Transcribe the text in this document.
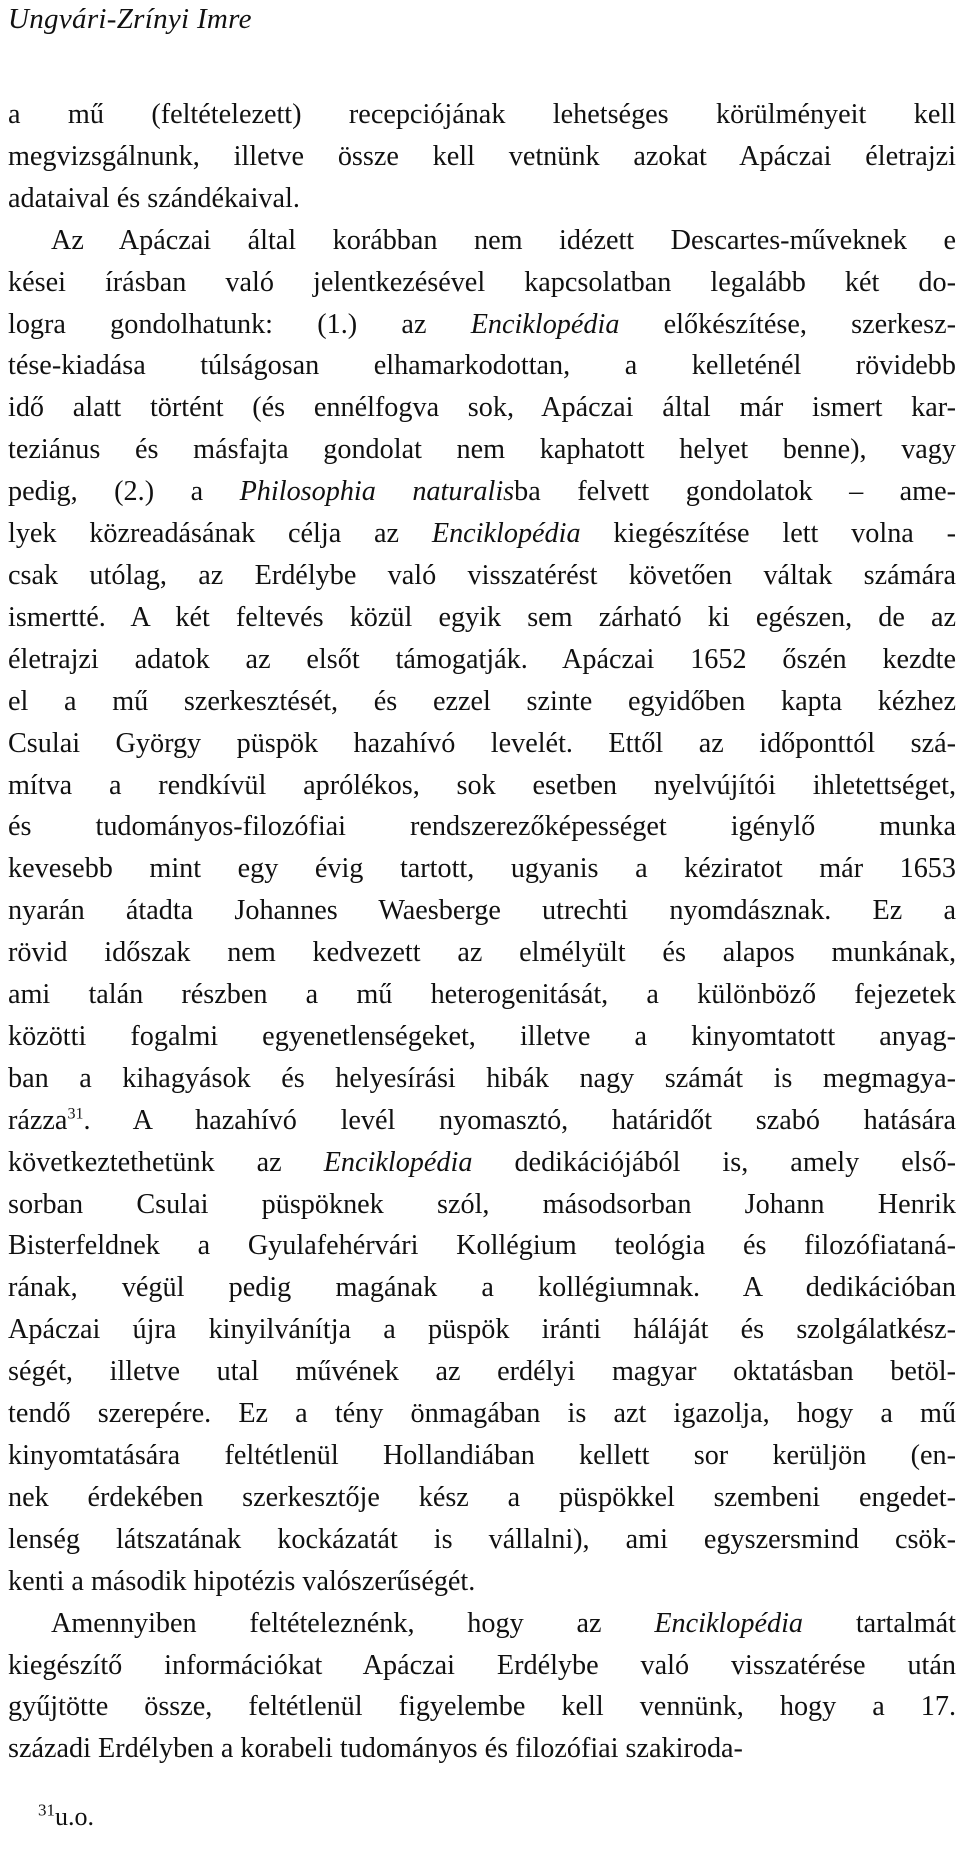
Ungvári-Zrínyi Imre

a mű (feltételezett) recepciójának lehetséges körülményeit kell
megvizsgálnunk, illetve össze kell vetnünk azokat Apáczai életrajzi
adataival és szándékaival.

Az Apáczai által korábban nem idézett Descartes-műveknek e
kései írásban való jelentkezésével kapcsolatban legalább két do-
logra gondolhatunk: (1.) az Enciklopédia előkészítése, szerkesz-
tése-kiadása túlságosan elhamarkodottan, a kelleténél rövidebb
idő alatt történt (és ennélfogva sok, Apáczai által már ismert kar-
teziánus és másfajta gondolat nem kaphatott helyet benne), vagy
pedig, (2.) a Philosophia naturalisba felvett gondolatok – ame-
lyek közreadásának célja az Enciklopédia kiegészítése lett volna -
csak utólag, az Erdélybe való visszatérést követően váltak számára
ismertté. A két feltevés közül egyik sem zárható ki egészen, de az
életrajzi adatok az elsőt támogatják. Apáczai 1652 őszén kezdte
el a mű szerkesztését, és ezzel szinte egyidőben kapta kézhez
Csulai György püspök hazahívó levelét. Ettől az időponttól szá-
mítva a rendkívül aprólékos, sok esetben nyelvújítói ihletettséget,
és tudományos-filozófiai rendszerezőképességet igénylő munka
kevesebb mint egy évig tartott, ugyanis a kéziratot már 1653
nyarán átadta Johannes Waesberge utrechti nyomdásznak. Ez a
rövid időszak nem kedvezett az elmélyült és alapos munkának,
ami talán részben a mű heterogenitását, a különböző fejezetek
közötti fogalmi egyenetlenségeket, illetve a kinyomtatott anyag-
ban a kihagyások és helyesírási hibák nagy számát is megmagya-
rázza$^{31}$. A hazahívó levél nyomasztó, határidőt szabó hatására
következtethetünk az Enciklopédia dedikációjából is, amely első-
sorban Csulai püspöknek szól, másodsorban Johann Henrik
Bisterfeldnek a Gyulafehérvári Kollégium teológia és filozófiataná-
rának, végül pedig magának a kollégiumnak. A dedikációban
Apáczai újra kinyilvánítja a püspök iránti háláját és szolgálatkész-
ségét, illetve utal művének az erdélyi magyar oktatásban betöl-
tendő szerepére. Ez a tény önmagában is azt igazolja, hogy a mű
kinyomtatására feltétlenül Hollandiában kellett sor kerüljön (en-
nek érdekében szerkesztője kész a püspökkel szembeni engedet-
lenség látszatának kockázatát is vállalni), ami egyszersmind csök-
kenti a második hipotézis valószerűségét.

Amennyiben feltételeznénk, hogy az Enciklopédia tartalmát
kiegészítő információkat Apáczai Erdélybe való visszatérése után
gyűjtötte össze, feltétlenül figyelembe kell vennünk, hogy a 17.
századi Erdélyben a korabeli tudományos és filozófiai szakiroda-

$^{31}$u.o.
